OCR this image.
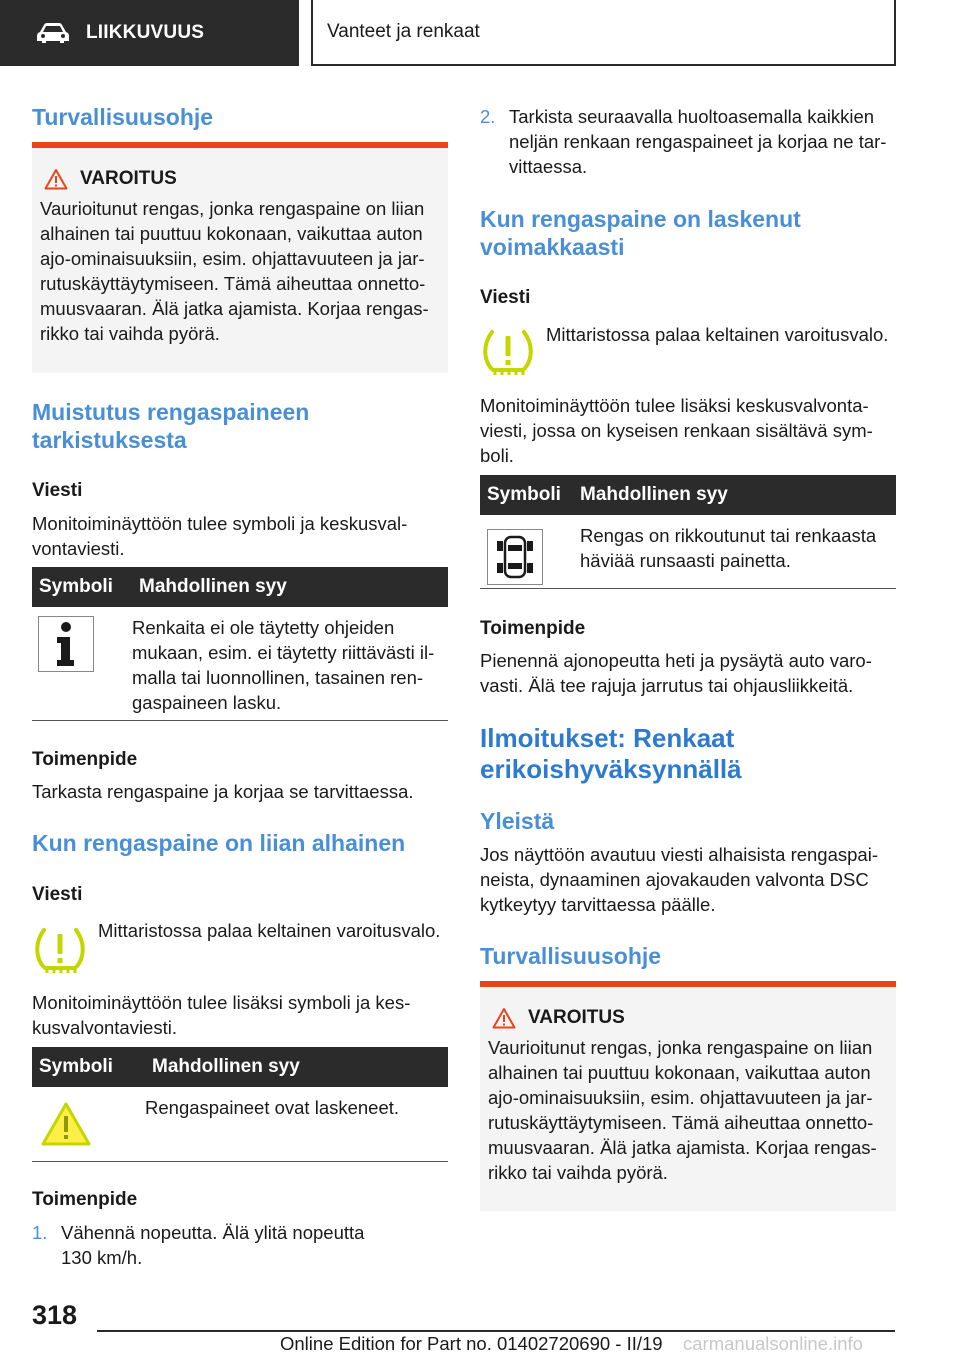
LIIKKUVUUS	Vanteet ja renkaat
Turvallisuusohje
VAROITUS
Vaurioitunut rengas, jonka rengaspaine on liian alhainen tai puuttuu kokonaan, vaikuttaa auton ajo-ominaisuuksiin, esim. ohjattavuuteen ja jarrutuskäyttäytymiseen. Tämä aiheuttaa onnettomuusvaaran. Älä jatka ajamista. Korjaa rengasrikko tai vaihda pyörä.
Muistutus rengaspaineen tarkistuksesta
Viesti
Monitoiminäyttöön tulee symboli ja keskusvalvontaviesti.
Symboli	Mahdollinen syy
Renkaita ei ole täytetty ohjeiden mukaan, esim. ei täytetty riittävästi ilmalla tai luonnollinen, tasainen rengaspaineen lasku.
Toimenpide
Tarkasta rengaspaine ja korjaa se tarvittaessa.
Kun rengaspaine on liian alhainen
Viesti
Mittaristossa palaa keltainen varoitusvalo.
Monitoiminäyttöön tulee lisäksi symboli ja keskusvalvontaviesti.
Symboli	Mahdollinen syy
Rengaspaineet ovat laskeneet.
Toimenpide
1. Vähennä nopeutta. Älä ylitä nopeutta 130 km/h.
2. Tarkista seuraavalla huoltoasemalla kaikkien neljän renkaan rengaspaineet ja korjaa ne tarvittaessa.
Kun rengaspaine on laskenut voimakkaasti
Viesti
Mittaristossa palaa keltainen varoitusvalo.
Monitoiminäyttöön tulee lisäksi keskusvalvontaviesti, jossa on kyseisen renkaan sisältävä symboli.
Symboli	Mahdollinen syy
Rengas on rikkoutunut tai renkaasta häviää runsaasti painetta.
Toimenpide
Pienennä ajonopeutta heti ja pysäytä auto varovasti. Älä tee rajuja jarrutus tai ohjausliikkeitä.
Ilmoitukset: Renkaat erikoishyväksynnällä
Yleistä
Jos näyttöön avautuu viesti alhaisista rengaspaineista, dynaaminen ajovakauden valvonta DSC kytkeytyy tarvittaessa päälle.
Turvallisuusohje
VAROITUS
Vaurioitunut rengas, jonka rengaspaine on liian alhainen tai puuttuu kokonaan, vaikuttaa auton ajo-ominaisuuksiin, esim. ohjattavuuteen ja jarrutuskäyttäytymiseen. Tämä aiheuttaa onnettomuusvaaran. Älä jatka ajamista. Korjaa rengasrikko tai vaihda pyörä.
318
Online Edition for Part no. 01402720690 - II/19 carmanualsonline.info
